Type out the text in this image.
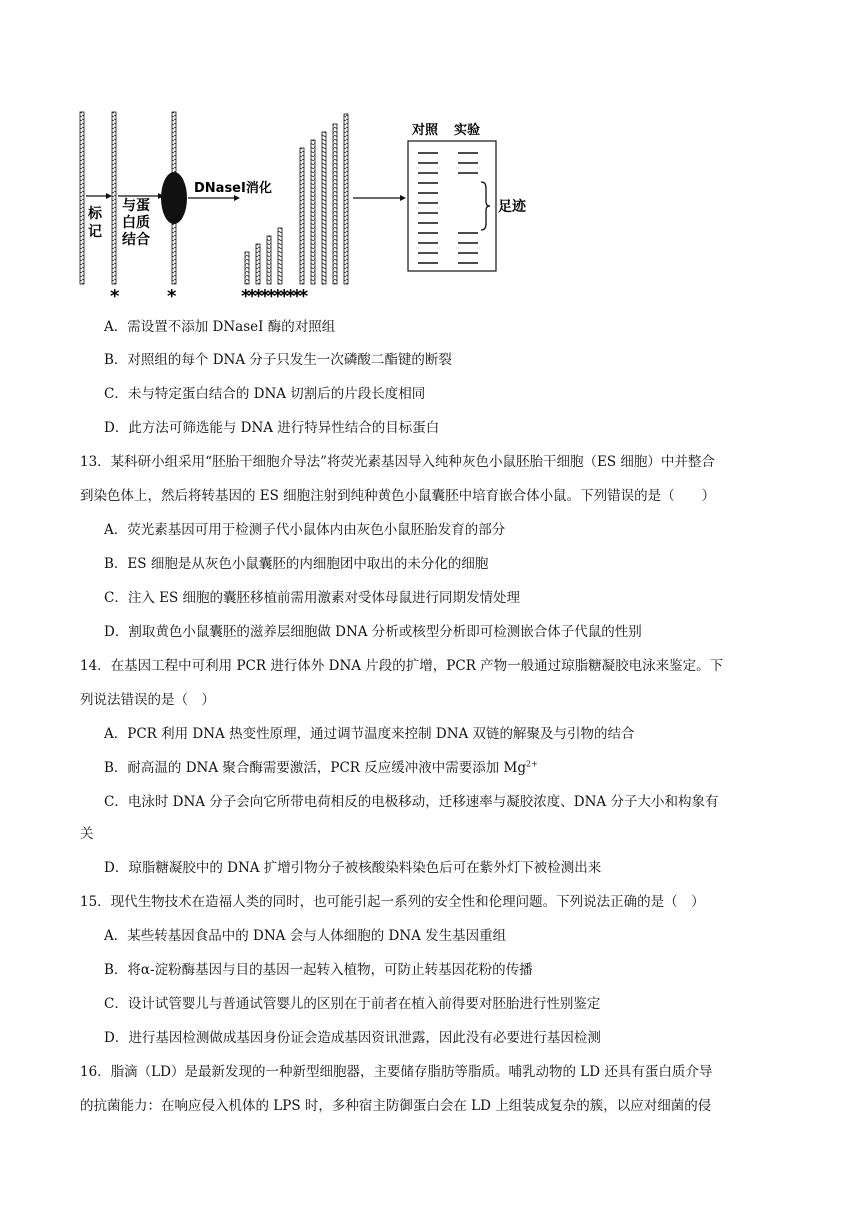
标
记
*
与蛋
白质
结合
*
DNaseI消化
**********
对照 实验
足迹
A．需设置不添加 DNaseI 酶的对照组
B．对照组的每个 DNA 分子只发生一次磷酸二酯键的断裂
C．未与特定蛋白结合的 DNA 切割后的片段长度相同
D．此方法可筛选能与 DNA 进行特异性结合的目标蛋白
13．某科研小组采用“胚胎干细胞介导法”将荧光素基因导入纯种灰色小鼠胚胎干细胞（ES 细胞）中并整合
到染色体上，然后将转基因的 ES 细胞注射到纯种黄色小鼠囊胚中培育嵌合体小鼠。下列错误的是（　　）
A．荧光素基因可用于检测子代小鼠体内由灰色小鼠胚胎发育的部分
B．ES 细胞是从灰色小鼠囊胚的内细胞团中取出的未分化的细胞
C．注入 ES 细胞的囊胚移植前需用激素对受体母鼠进行同期发情处理
D．割取黄色小鼠囊胚的滋养层细胞做 DNA 分析或核型分析即可检测嵌合体子代鼠的性别
14．在基因工程中可利用 PCR 进行体外 DNA 片段的扩增，PCR 产物一般通过琼脂糖凝胶电泳来鉴定。下
列说法错误的是（　）
A．PCR 利用 DNA 热变性原理，通过调节温度来控制 DNA 双链的解聚及与引物的结合
B．耐高温的 DNA 聚合酶需要激活，PCR 反应缓冲液中需要添加 $Mg^{2+}$
C．电泳时 DNA 分子会向它所带电荷相反的电极移动，迁移速率与凝胶浓度、DNA 分子大小和构象有
关
D．琼脂糖凝胶中的 DNA 扩增引物分子被核酸染料染色后可在紫外灯下被检测出来
15．现代生物技术在造福人类的同时，也可能引起一系列的安全性和伦理问题。下列说法正确的是（　）
A．某些转基因食品中的 DNA 会与人体细胞的 DNA 发生基因重组
B．将α-淀粉酶基因与目的基因一起转入植物，可防止转基因花粉的传播
C．设计试管婴儿与普通试管婴儿的区别在于前者在植入前得要对胚胎进行性别鉴定
D．进行基因检测做成基因身份证会造成基因资讯泄露，因此没有必要进行基因检测
16．脂滴（LD）是最新发现的一种新型细胞器，主要储存脂肪等脂质。哺乳动物的 LD 还具有蛋白质介导
的抗菌能力：在响应侵入机体的 LPS 时，多种宿主防御蛋白会在 LD 上组装成复杂的簇，以应对细菌的侵
